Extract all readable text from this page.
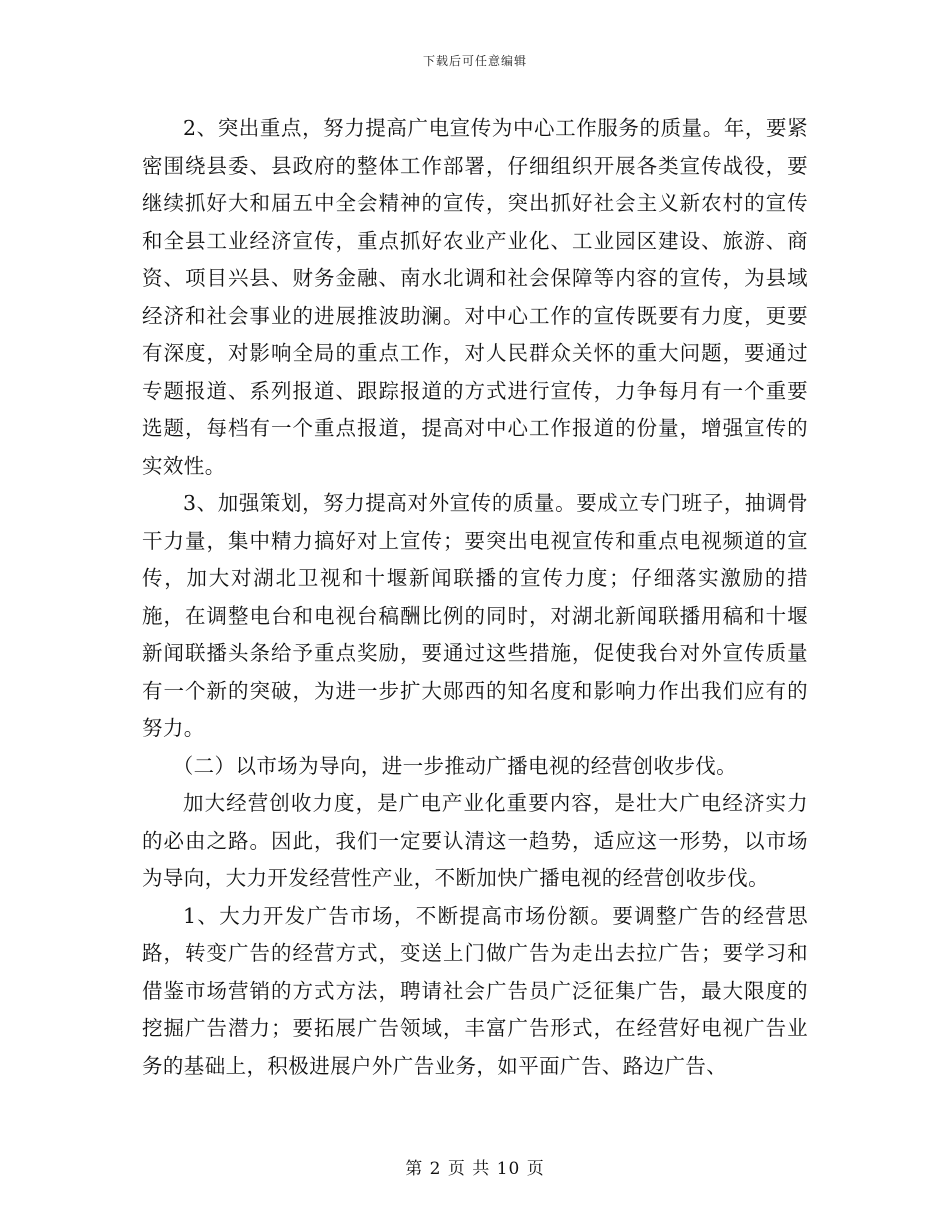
下载后可任意编辑

2、突出重点，努力提高广电宣传为中心工作服务的质量。年，要紧密围绕县委、县政府的整体工作部署，仔细组织开展各类宣传战役，要继续抓好大和届五中全会精神的宣传，突出抓好社会主义新农村的宣传和全县工业经济宣传，重点抓好农业产业化、工业园区建设、旅游、商资、项目兴县、财务金融、南水北调和社会保障等内容的宣传，为县域经济和社会事业的进展推波助澜。对中心工作的宣传既要有力度，更要有深度，对影响全局的重点工作，对人民群众关怀的重大问题，要通过专题报道、系列报道、跟踪报道的方式进行宣传，力争每月有一个重要选题，每档有一个重点报道，提高对中心工作报道的份量，增强宣传的实效性。

3、加强策划，努力提高对外宣传的质量。要成立专门班子，抽调骨干力量，集中精力搞好对上宣传；要突出电视宣传和重点电视频道的宣传，加大对湖北卫视和十堰新闻联播的宣传力度；仔细落实激励的措施，在调整电台和电视台稿酬比例的同时，对湖北新闻联播用稿和十堰新闻联播头条给予重点奖励，要通过这些措施，促使我台对外宣传质量有一个新的突破，为进一步扩大郧西的知名度和影响力作出我们应有的努力。

（二）以市场为导向，进一步推动广播电视的经营创收步伐。

加大经营创收力度，是广电产业化重要内容，是壮大广电经济实力的必由之路。因此，我们一定要认清这一趋势，适应这一形势，以市场为导向，大力开发经营性产业，不断加快广播电视的经营创收步伐。

1、大力开发广告市场，不断提高市场份额。要调整广告的经营思路，转变广告的经营方式，变送上门做广告为走出去拉广告；要学习和借鉴市场营销的方式方法，聘请社会广告员广泛征集广告，最大限度的挖掘广告潜力；要拓展广告领域，丰富广告形式，在经营好电视广告业务的基础上，积极进展户外广告业务，如平面广告、路边广告、

第 2 页 共 10 页
